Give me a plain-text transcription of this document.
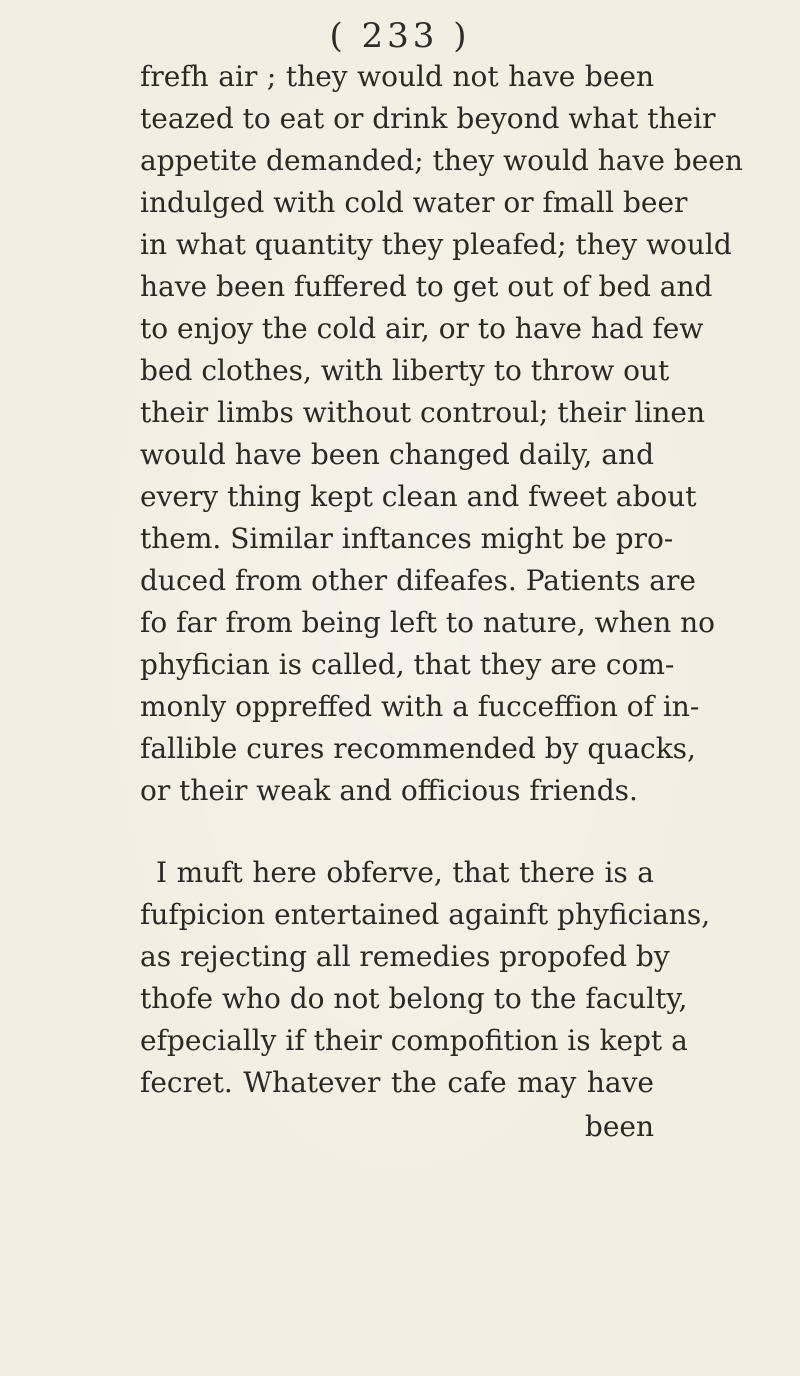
( 233 )
frefh air ; they would not have been
teazed to eat or drink beyond what their
appetite demanded; they would have been
indulged with cold water or fmall beer
in what quantity they pleafed; they would
have been fuffered to get out of bed and
to enjoy the cold air, or to have had few
bed clothes, with liberty to throw out
their limbs without controul; their linen
would have been changed daily, and
every thing kept clean and fweet about
them. Similar inftances might be pro-
duced from other difeafes. Patients are
fo far from being left to nature, when no
phyfician is called, that they are com-
monly oppreffed with a fucceffion of in-
fallible cures recommended by quacks,
or their weak and officious friends.
I muft here obferve, that there is a
fufpicion entertained againft phyficians,
as rejecting all remedies propofed by
thofe who do not belong to the faculty,
efpecially if their compofition is kept a
fecret. Whatever the cafe may have
been
